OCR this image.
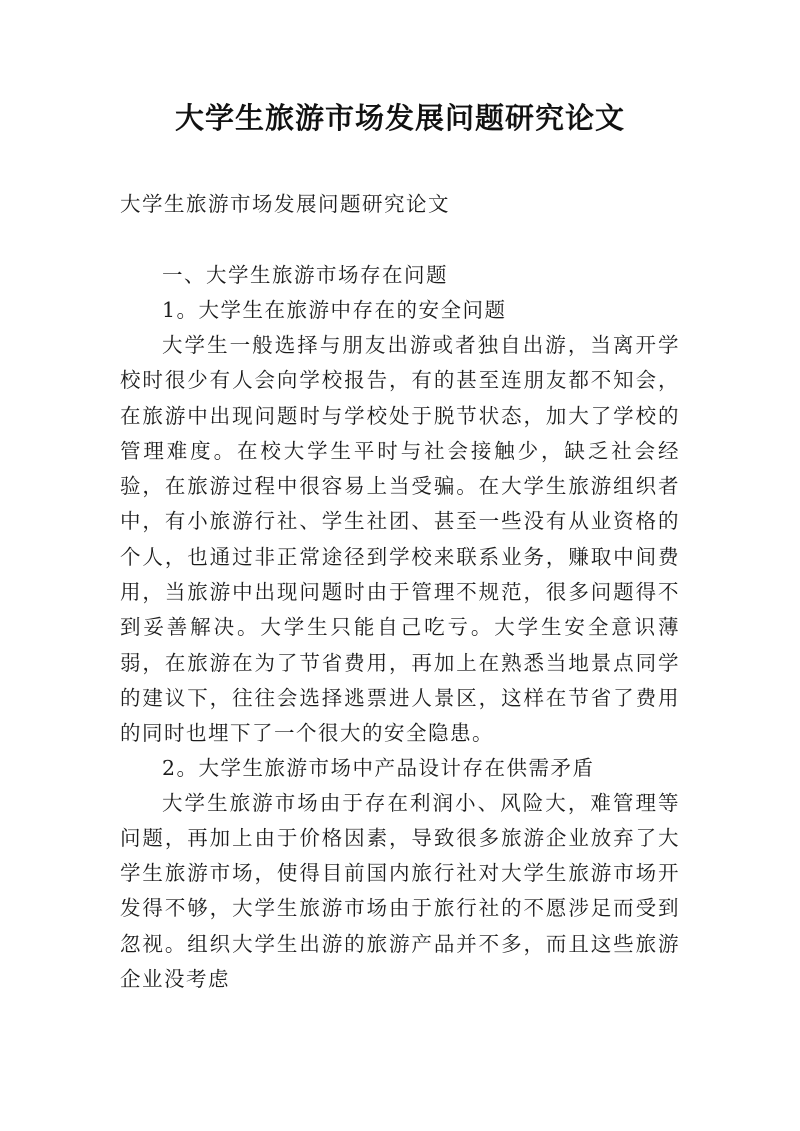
大学生旅游市场发展问题研究论文

大学生旅游市场发展问题研究论文

一、大学生旅游市场存在问题
1。大学生在旅游中存在的安全问题

大学生一般选择与朋友出游或者独自出游，当离开学校时很少有人会向学校报告，有的甚至连朋友都不知会，在旅游中出现问题时与学校处于脱节状态，加大了学校的管理难度。在校大学生平时与社会接触少，缺乏社会经验，在旅游过程中很容易上当受骗。在大学生旅游组织者中，有小旅游行社、学生社团、甚至一些没有从业资格的个人，也通过非正常途径到学校来联系业务，赚取中间费用，当旅游中出现问题时由于管理不规范，很多问题得不到妥善解决。大学生只能自己吃亏。大学生安全意识薄弱，在旅游在为了节省费用，再加上在熟悉当地景点同学的建议下，往往会选择逃票进人景区，这样在节省了费用的同时也埋下了一个很大的安全隐患。

2。大学生旅游市场中产品设计存在供需矛盾

大学生旅游市场由于存在利润小、风险大，难管理等问题，再加上由于价格因素，导致很多旅游企业放弃了大学生旅游市场，使得目前国内旅行社对大学生旅游市场开发得不够，大学生旅游市场由于旅行社的不愿涉足而受到忽视。组织大学生出游的旅游产品并不多，而且这些旅游企业没考虑
